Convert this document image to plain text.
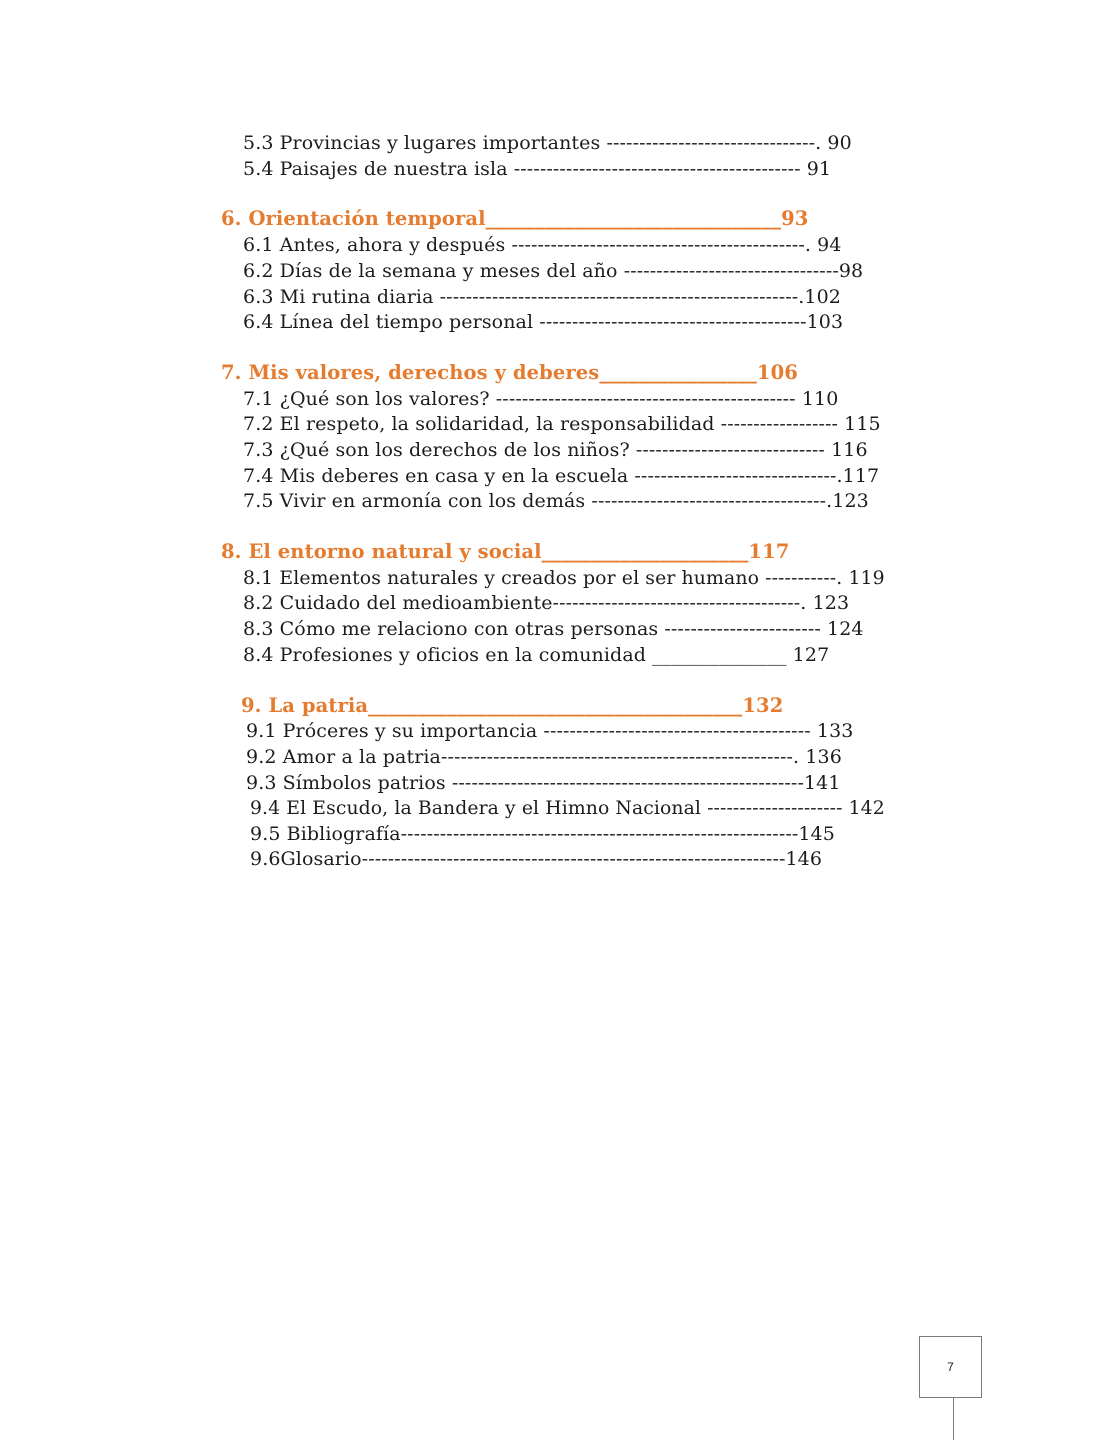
5.3 Provincias y lugares importantes --------------------------------. 90
5.4 Paisajes de nuestra isla -------------------------------------------- 91
6. Orientación temporal______________________________93
6.1 Antes, ahora y después ---------------------------------------------. 94
6.2 Días de la semana y meses del año ---------------------------------98
6.3 Mi rutina diaria -------------------------------------------------------.102
6.4 Línea del tiempo personal -----------------------------------------103
7. Mis valores, derechos y deberes________________106
7.1 ¿Qué son los valores? ---------------------------------------------- 110
7.2 El respeto, la solidaridad, la responsabilidad ------------------ 115
7.3 ¿Qué son los derechos de los niños? ----------------------------- 116
7.4 Mis deberes en casa y en la escuela -------------------------------.117
7.5 Vivir en armonía con los demás ------------------------------------.123
8. El entorno natural y social_____________________117
8.1 Elementos naturales y creados por el ser humano -----------. 119
8.2 Cuidado del medioambiente--------------------------------------. 123
8.3 Cómo me relaciono con otras personas ------------------------ 124
8.4 Profesiones y oficios en la comunidad ______________ 127
9. La patria______________________________________132
9.1 Próceres y su importancia ----------------------------------------- 133
9.2 Amor a la patria------------------------------------------------------. 136
9.3 Símbolos patrios ------------------------------------------------------141
9.4 El Escudo, la Bandera y el Himno Nacional --------------------- 142
9.5 Bibliografía-------------------------------------------------------------145
9.6Glosario-----------------------------------------------------------------146
7
